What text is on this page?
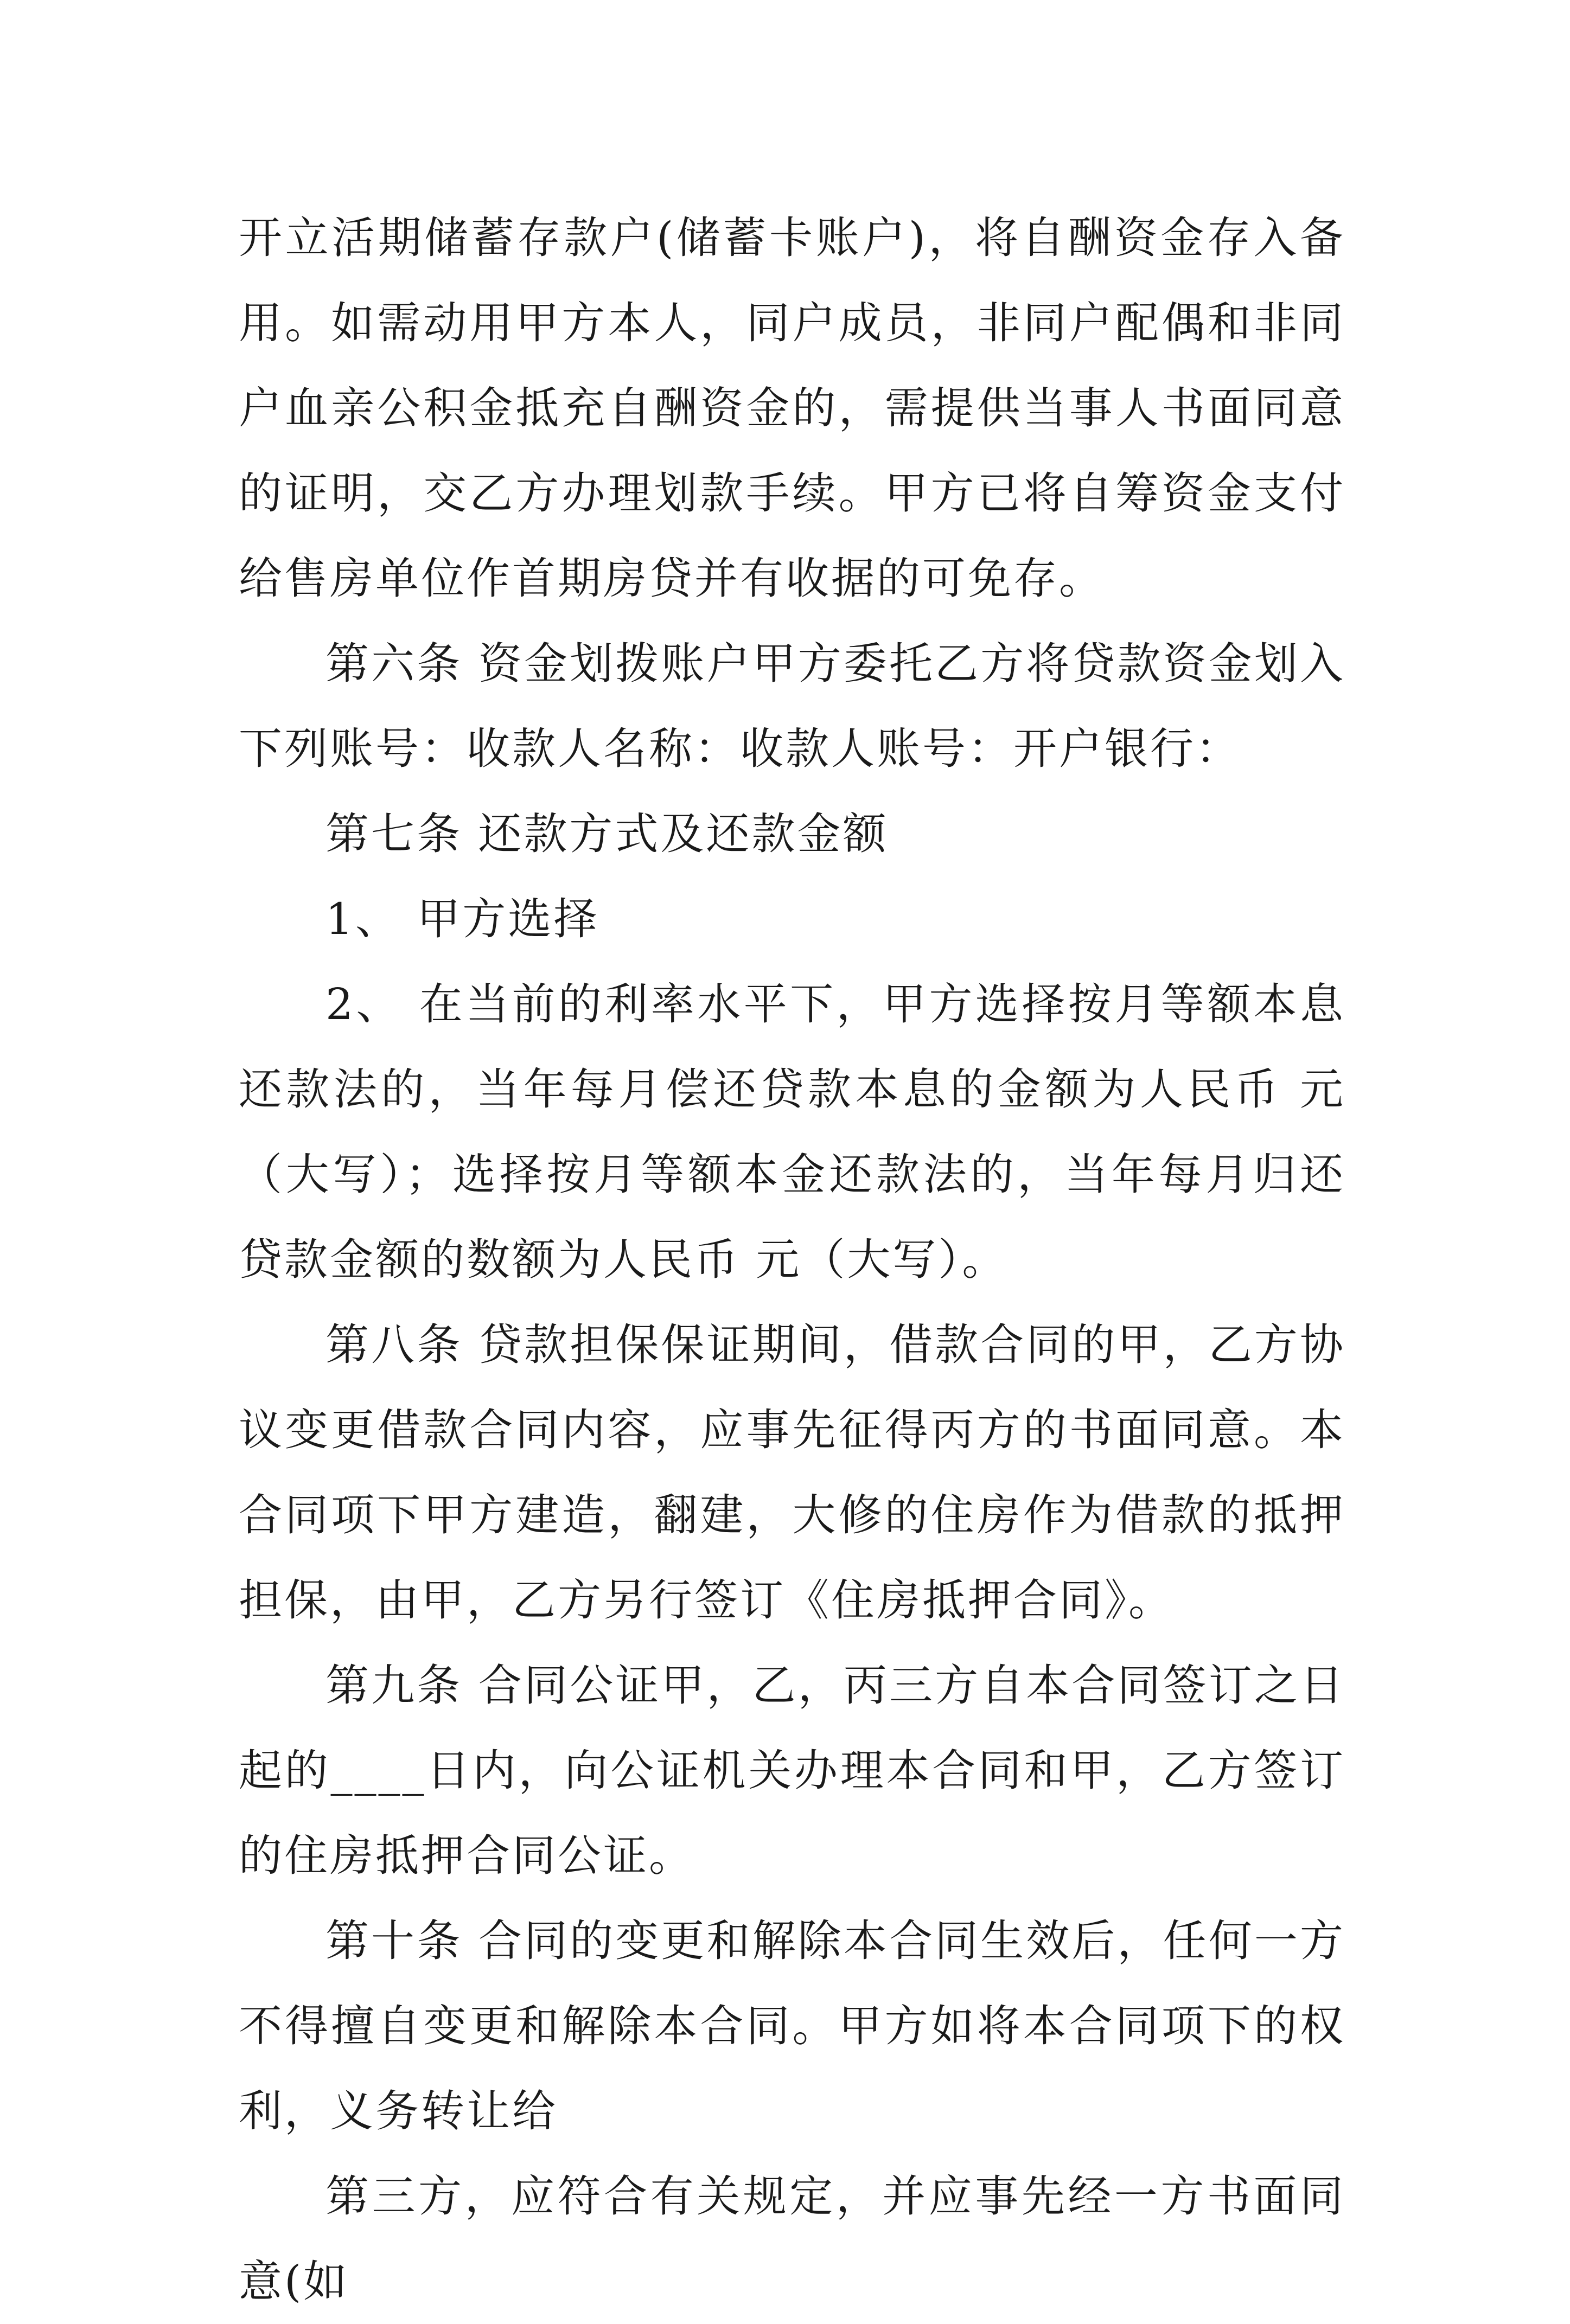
开立活期储蓄存款户(储蓄卡账户)，将自酬资金存入备用。如需动用甲方本人，同户成员，非同户配偶和非同户血亲公积金抵充自酬资金的，需提供当事人书面同意的证明，交乙方办理划款手续。甲方已将自筹资金支付给售房单位作首期房贷并有收据的可免存。

第六条 资金划拨账户甲方委托乙方将贷款资金划入下列账号：收款人名称：收款人账号：开户银行：

第七条 还款方式及还款金额

1、 甲方选择

2、 在当前的利率水平下，甲方选择按月等额本息还款法的，当年每月偿还贷款本息的金额为人民币 元（大写）；选择按月等额本金还款法的，当年每月归还贷款金额的数额为人民币 元（大写）。

第八条 贷款担保保证期间，借款合同的甲，乙方协议变更借款合同内容，应事先征得丙方的书面同意。本合同项下甲方建造，翻建，大修的住房作为借款的抵押担保，由甲，乙方另行签订《住房抵押合同》。

第九条 合同公证甲，乙，丙三方自本合同签订之日起的____日内，向公证机关办理本合同和甲，乙方签订的住房抵押合同公证。

第十条 合同的变更和解除本合同生效后，任何一方不得擅自变更和解除本合同。甲方如将本合同项下的权利，义务转让给

第三方，应符合有关规定，并应事先经一方书面同意(如
